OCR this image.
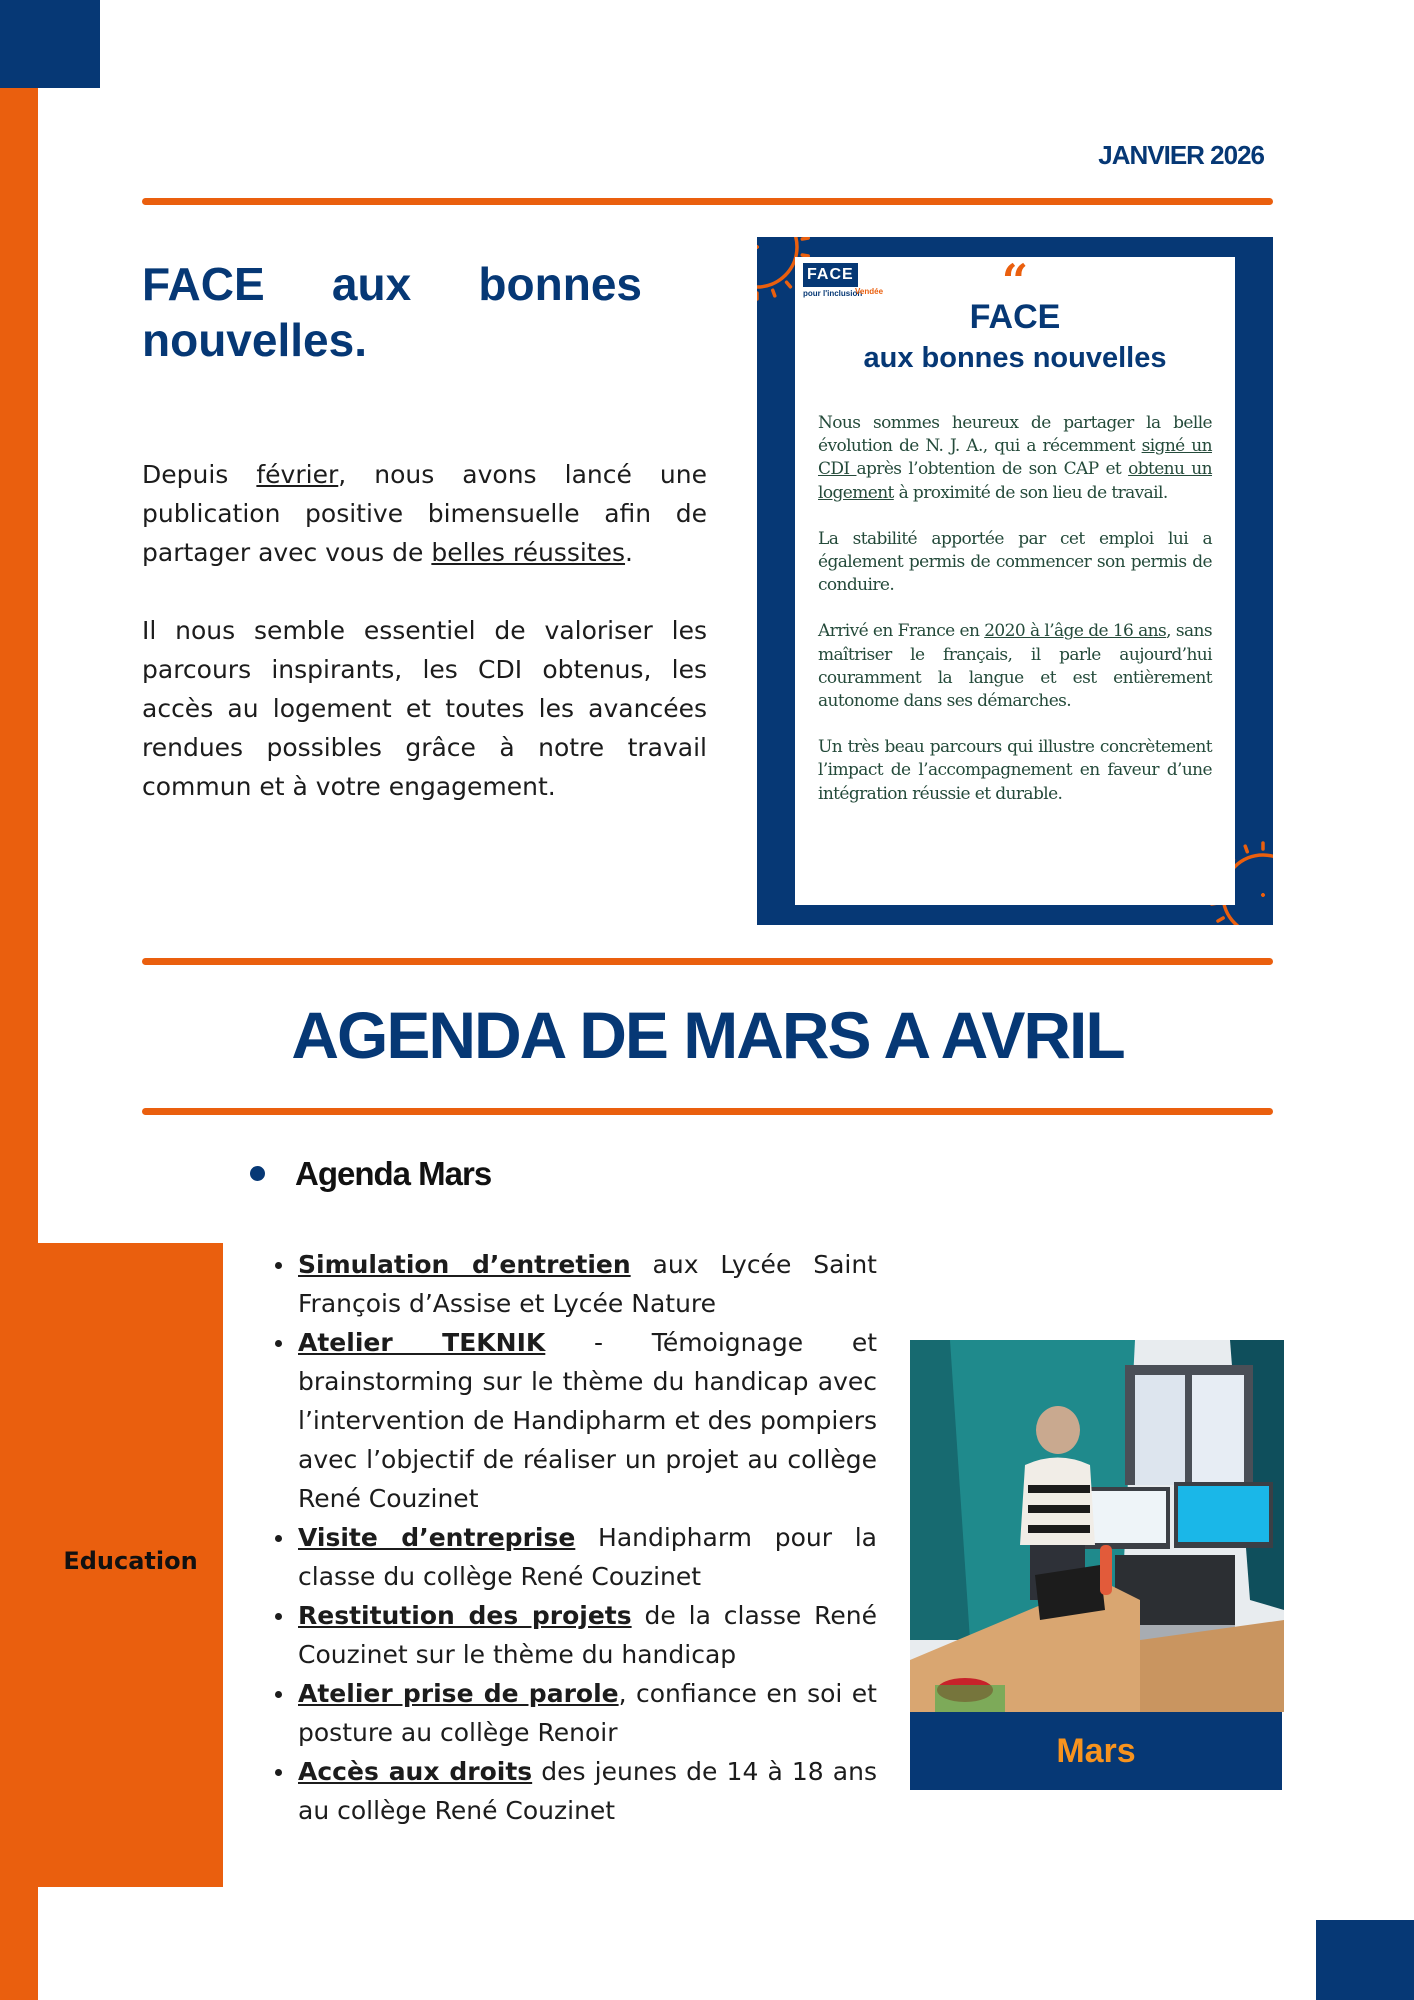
JANVIER 2026
FACE aux bonnes nouvelles.

Depuis février, nous avons lancé une publication positive bimensuelle afin de partager avec vous de belles réussites.

Il nous semble essentiel de valoriser les parcours inspirants, les CDI obtenus, les accès au logement et toutes les avancées rendues possibles grâce à notre travail commun et à votre engagement.

FACE
Vendée
pour l'inclusion	“
FACE
aux bonnes nouvelles

Nous sommes heureux de partager la belle évolution de N. J. A., qui a récemment signé un CDI après l’obtention de son CAP et obtenu un logement à proximité de son lieu de travail.

La stabilité apportée par cet emploi lui a également permis de commencer son permis de conduire.

Arrivé en France en 2020 à l’âge de 16 ans, sans maîtriser le français, il parle aujourd’hui couramment la langue et est entièrement autonome dans ses démarches.

Un très beau parcours qui illustre concrètement l’impact de l’accompagnement en faveur d’une intégration réussie et durable.

AGENDA DE MARS A AVRIL
Agenda Mars
Education
Simulation d’entretien aux Lycée Saint François d’Assise et Lycée Nature
Atelier TEKNIK - Témoignage et brainstorming sur le thème du handicap avec l’intervention de Handipharm et des pompiers avec l’objectif de réaliser un projet au collège René Couzinet
Visite d’entreprise Handipharm pour la classe du collège René Couzinet
Restitution des projets de la classe René Couzinet sur le thème du handicap
Atelier prise de parole, confiance en soi et posture au collège Renoir
Accès aux droits des jeunes de 14 à 18 ans au collège René Couzinet
Mars
